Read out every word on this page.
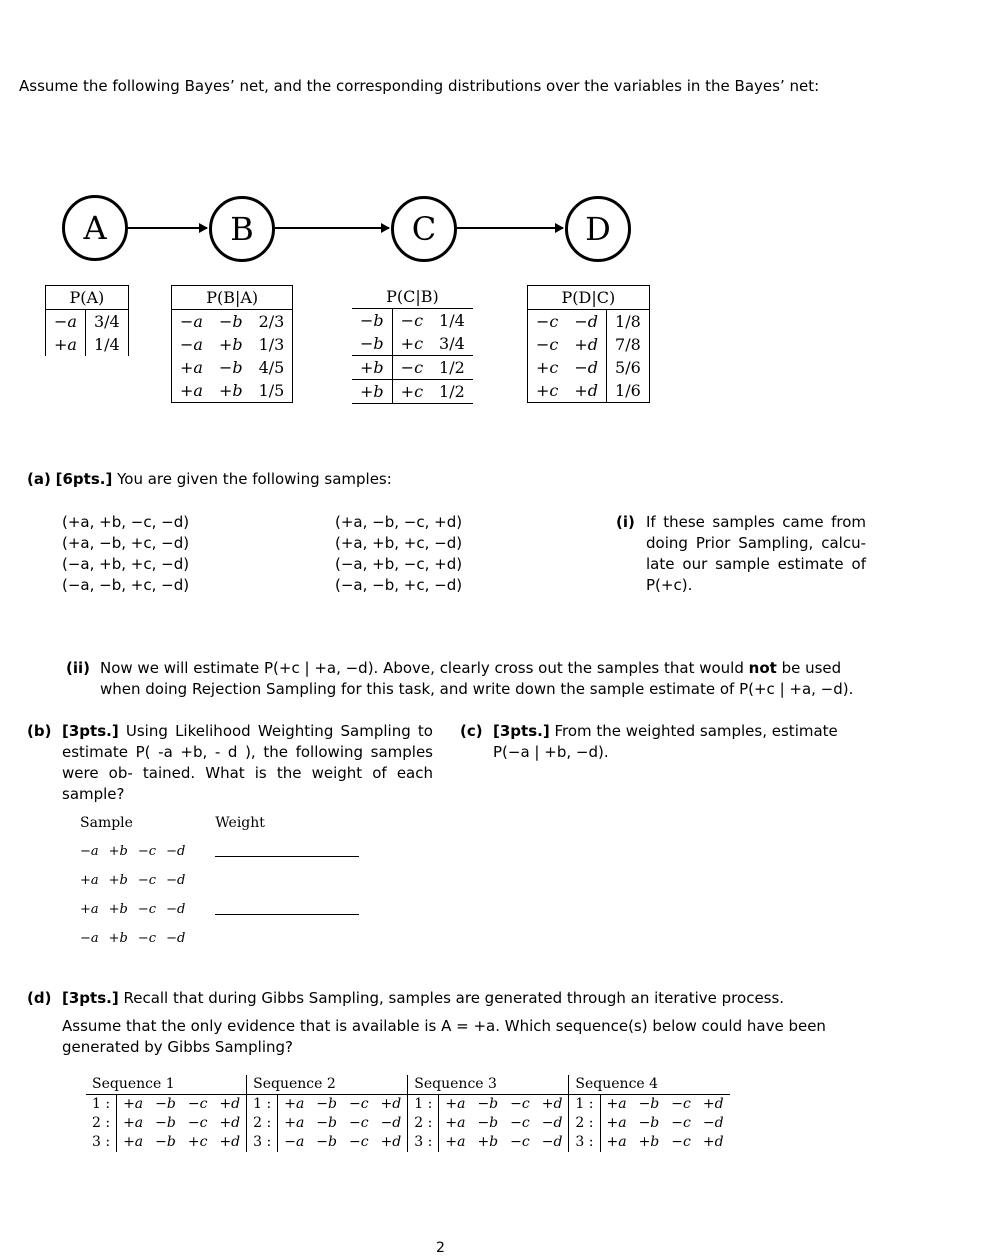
Assume the following Bayes’ net, and the corresponding distributions over the variables in the Bayes’ net:
A	B	C	D
P(A)	
−a	3/4
+a	1/4
P(B|A)		
−a	−b	2/3
−a	+b	1/3
+a	−b	4/5
+a	+b	1/5
P(C|B)		
−b	−c	1/4
−b	+c	3/4
+b	−c	1/2
+b	+c	1/2
P(D|C)		
−c	−d	1/8
−c	+d	7/8
+c	−d	5/6
+c	+d	1/6
(a) [6pts.] You are given the following samples:
(+a, +b, −c, −d)
(+a, −b, +c, −d)
(−a, +b, +c, −d)
(−a, −b, +c, −d)
(+a, −b, −c, +d)
(+a, +b, +c, −d)
(−a, +b, −c, +d)
(−a, −b, +c, −d)
(i) If these samples came from doing Prior Sampling, calcu- late our sample estimate of P(+c).
(ii) Now we will estimate P(+c | +a, −d). Above, clearly cross out the samples that would not be used when doing Rejection Sampling for this task, and write down the sample estimate of P(+c | +a, −d).
(b) [3pts.] Using Likelihood Weighting Sampling to estimate P( -a +b, - d ), the following samples were ob- tained. What is the weight of each sample?
(c) [3pts.] From the weighted samples, estimate
P(−a | +b, −d).
Sample				Weight
−a	+b	−c	−d	
+a	+b	−c	−d	
+a	+b	−c	−d	
−a	+b	−c	−d	
(d) [3pts.] Recall that during Gibbs Sampling, samples are generated through an iterative process.
Assume that the only evidence that is available is A = +a. Which sequence(s) below could have been generated by Gibbs Sampling?
Sequence 1					Sequence 2					Sequence 3					Sequence 4				
1 :	+a	−b	−c	+d	1 :	+a	−b	−c	+d	1 :	+a	−b	−c	+d	1 :	+a	−b	−c	+d
2 :	+a	−b	−c	+d	2 :	+a	−b	−c	−d	2 :	+a	−b	−c	−d	2 :	+a	−b	−c	−d
3 :	+a	−b	+c	+d	3 :	−a	−b	−c	+d	3 :	+a	+b	−c	−d	3 :	+a	+b	−c	+d
2
